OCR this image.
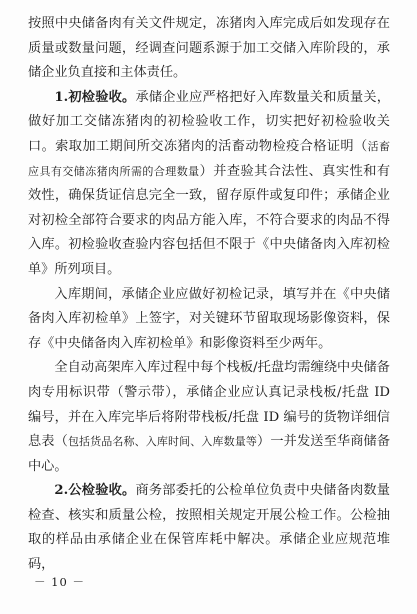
按照中央储备肉有关文件规定，冻猪肉入库完成后如发现存在质量或数量问题，经调查问题系源于加工交储入库阶段的，承储企业负直接和主体责任。

1.初检验收。承储企业应严格把好入库数量关和质量关，做好加工交储冻猪肉的初检验收工作，切实把好初检验收关口。索取加工期间所交冻猪肉的活畜动物检疫合格证明（活畜应具有交储冻猪肉所需的合理数量）并查验其合法性、真实性和有效性，确保货证信息完全一致，留存原件或复印件；承储企业对初检全部符合要求的肉品方能入库，不符合要求的肉品不得入库。初检验收查验内容包括但不限于《中央储备肉入库初检单》所列项目。

入库期间，承储企业应做好初检记录，填写并在《中央储备肉入库初检单》上签字，对关键环节留取现场影像资料，保存《中央储备肉入库初检单》和影像资料至少两年。

全自动高架库入库过程中每个栈板/托盘均需缠绕中央储备肉专用标识带（警示带），承储企业应认真记录栈板/托盘 ID 编号，并在入库完毕后将附带栈板/托盘 ID 编号的货物详细信息表（包括货品名称、入库时间、入库数量等）一并发送至华商储备中心。

2.公检验收。商务部委托的公检单位负责中央储备肉数量检查、核实和质量公检，按照相关规定开展公检工作。公检抽取的样品由承储企业在保管库耗中解决。承储企业应规范堆码，

－ 10 －
